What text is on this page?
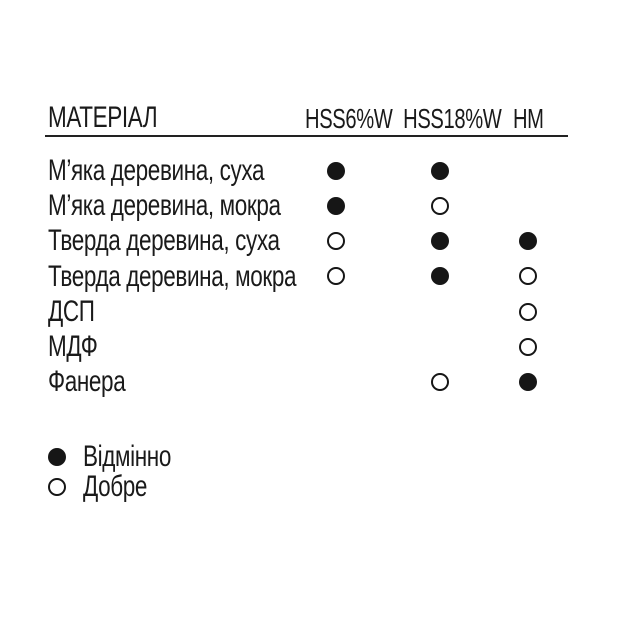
МАТЕРІАЛ	HSS6%W HSS18%W HM
М’яка деревина, суха
М’яка деревина, мокра
Тверда деревина, суха
Тверда деревина, мокра
ДСП
МДФ
Фанера
Відмінно
Добре
